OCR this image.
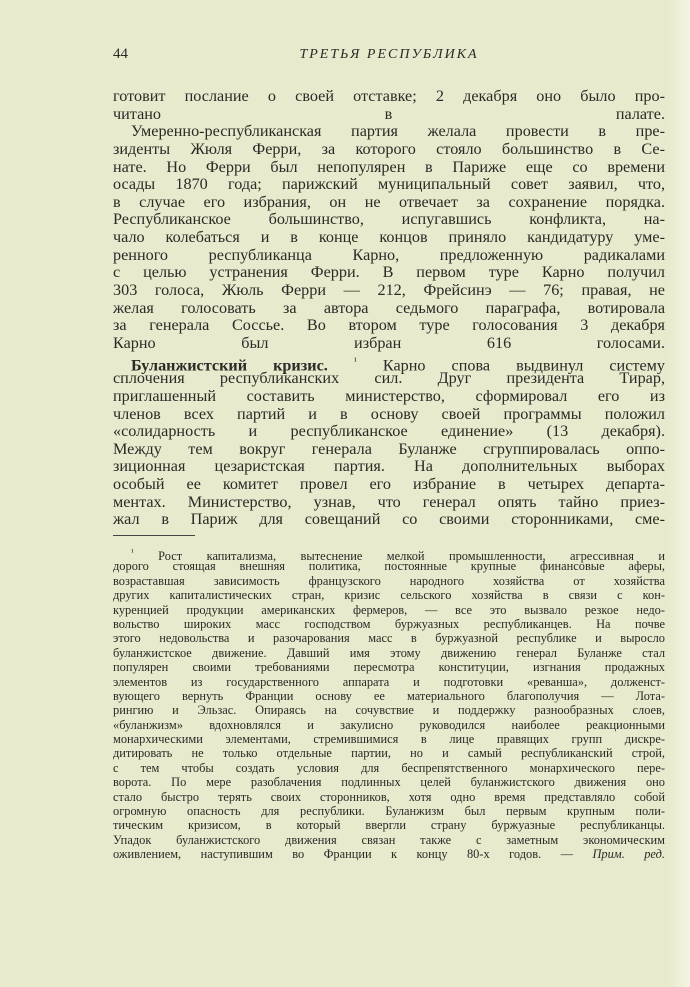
44	ТРЕТЬЯ РЕСПУБЛИКА
готовит послание о своей отставке; 2 декабря оно было про-
читано в палате.
Умеренно-республиканская партия желала провести в пре-
зиденты Жюля Ферри, за которого стояло большинство в Се-
нате. Но Ферри был непопулярен в Париже еще со времени
осады 1870 года; парижский муниципальный совет заявил, что,
в случае его избрания, он не отвечает за сохранение порядка.
Республиканское большинство, испугавшись конфликта, на-
чало колебаться и в конце концов приняло кандидатуру уме-
ренного республиканца Карно, предложенную радикалами
с целью устранения Ферри. В первом туре Карно получил
303 голоса, Жюль Ферри — 212, Фрейсинэ — 76; правая, не
желая голосовать за автора седьмого параграфа, вотировала
за генерала Соссье. Во втором туре голосования 3 декабря
Карно был избран 616 голосами.
Буланжистский кризис.	$^{^1}$ Карно спова выдвинул систему
сплочения республиканских сил. Друг президента Тирар,
приглашенный составить министерство, сформировал его из
членов всех партий и в основу своей программы положил
«солидарность и республиканское единение» (13 декабря).
Между тем вокруг генерала Буланже сгруппировалась оппо-
зиционная цезаристская партия. На дополнительных выборах
особый ее комитет провел его избрание в четырех департа-
ментах. Министерство, узнав, что генерал опять тайно приез-
жал в Париж для совещаний со своими сторонниками, сме-
$^{^1}$ Рост капитализма, вытеснение мелкой промышленности, агрессивная и
дорого стоящая внешняя политика, постоянные крупные финансовые аферы,
возраставшая зависимость французского народного хозяйства от хозяйства
других капиталистических стран, кризис сельского хозяйства в связи с кон-
куренцией продукции американских фермеров, — все это вызвало резкое недо-
вольство широких масс господством буржуазных республиканцев. На почве
этого недовольства и разочарования масс в буржуазной республике и выросло
буланжистское движение. Давший имя этому движению генерал Буланже стал
популярен своими требованиями пересмотра конституции, изгнания продажных
элементов из государственного аппарата и подготовки «реванша», долженст-
вующего вернуть Франции основу ее материального благополучия — Лота-
рингию и Эльзас. Опираясь на сочувствие и поддержку разнообразных слоев,
«буланжизм» вдохновлялся и закулисно руководился наиболее реакционными
монархическими элементами, стремившимися в лице правящих групп дискре-
дитировать не только отдельные партии, но и самый республиканский строй,
с тем чтобы создать условия для беспрепятственного монархического пере-
ворота. По мере разоблачения подлинных целей буланжистского движения оно
стало быстро терять своих сторонников, хотя одно время представляло собой
огромную опасность для республики. Буланжизм был первым крупным поли-
тическим кризисом, в который ввергли страну буржуазные республиканцы.
Упадок буланжистского движения связан также с заметным экономическим
оживлением, наступившим во Франции к концу 80-х годов. — Прим. ред.
